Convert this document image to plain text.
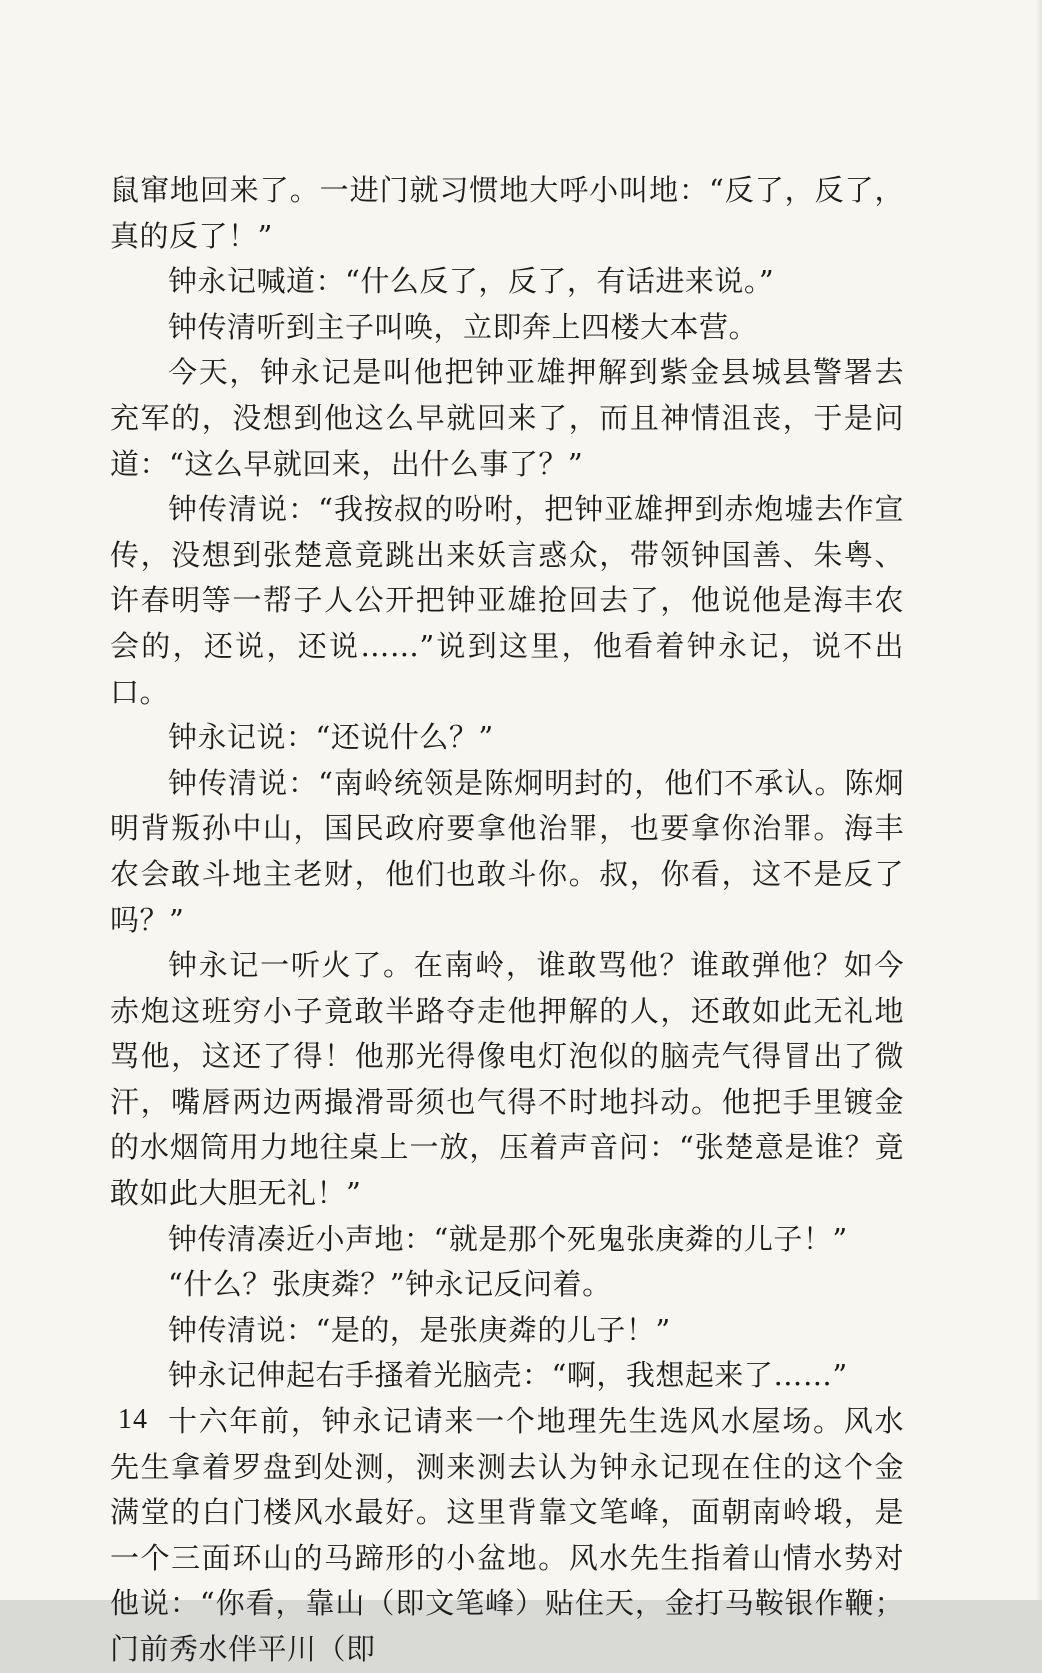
鼠窜地回来了。一进门就习惯地大呼小叫地：“反了，反了，真的反了！”

钟永记喊道：“什么反了，反了，有话进来说。”

钟传清听到主子叫唤，立即奔上四楼大本营。

今天，钟永记是叫他把钟亚雄押解到紫金县城县警署去充军的，没想到他这么早就回来了，而且神情沮丧，于是问道：“这么早就回来，出什么事了？”

钟传清说：“我按叔的吩咐，把钟亚雄押到赤炮墟去作宣传，没想到张楚意竟跳出来妖言惑众，带领钟国善、朱粤、许春明等一帮子人公开把钟亚雄抢回去了，他说他是海丰农会的，还说，还说……”说到这里，他看着钟永记，说不出口。

钟永记说：“还说什么？”

钟传清说：“南岭统领是陈炯明封的，他们不承认。陈炯明背叛孙中山，国民政府要拿他治罪，也要拿你治罪。海丰农会敢斗地主老财，他们也敢斗你。叔，你看，这不是反了吗？”

钟永记一听火了。在南岭，谁敢骂他？谁敢弹他？如今赤炮这班穷小子竟敢半路夺走他押解的人，还敢如此无礼地骂他，这还了得！他那光得像电灯泡似的脑壳气得冒出了微汗，嘴唇两边两撮滑哥须也气得不时地抖动。他把手里镀金的水烟筒用力地往桌上一放，压着声音问：“张楚意是谁？竟敢如此大胆无礼！”

钟传清凑近小声地：“就是那个死鬼张庚粦的儿子！”

“什么？张庚粦？”钟永记反问着。

钟传清说：“是的，是张庚粦的儿子！”

钟永记伸起右手搔着光脑壳：“啊，我想起来了……”

十六年前，钟永记请来一个地理先生选风水屋场。风水先生拿着罗盘到处测，测来测去认为钟永记现在住的这个金满堂的白门楼风水最好。这里背靠文笔峰，面朝南岭塅，是一个三面环山的马蹄形的小盆地。风水先生指着山情水势对他说：“你看，靠山（即文笔峰）贴住天，金打马鞍银作鞭；门前秀水伴平川（即

14
